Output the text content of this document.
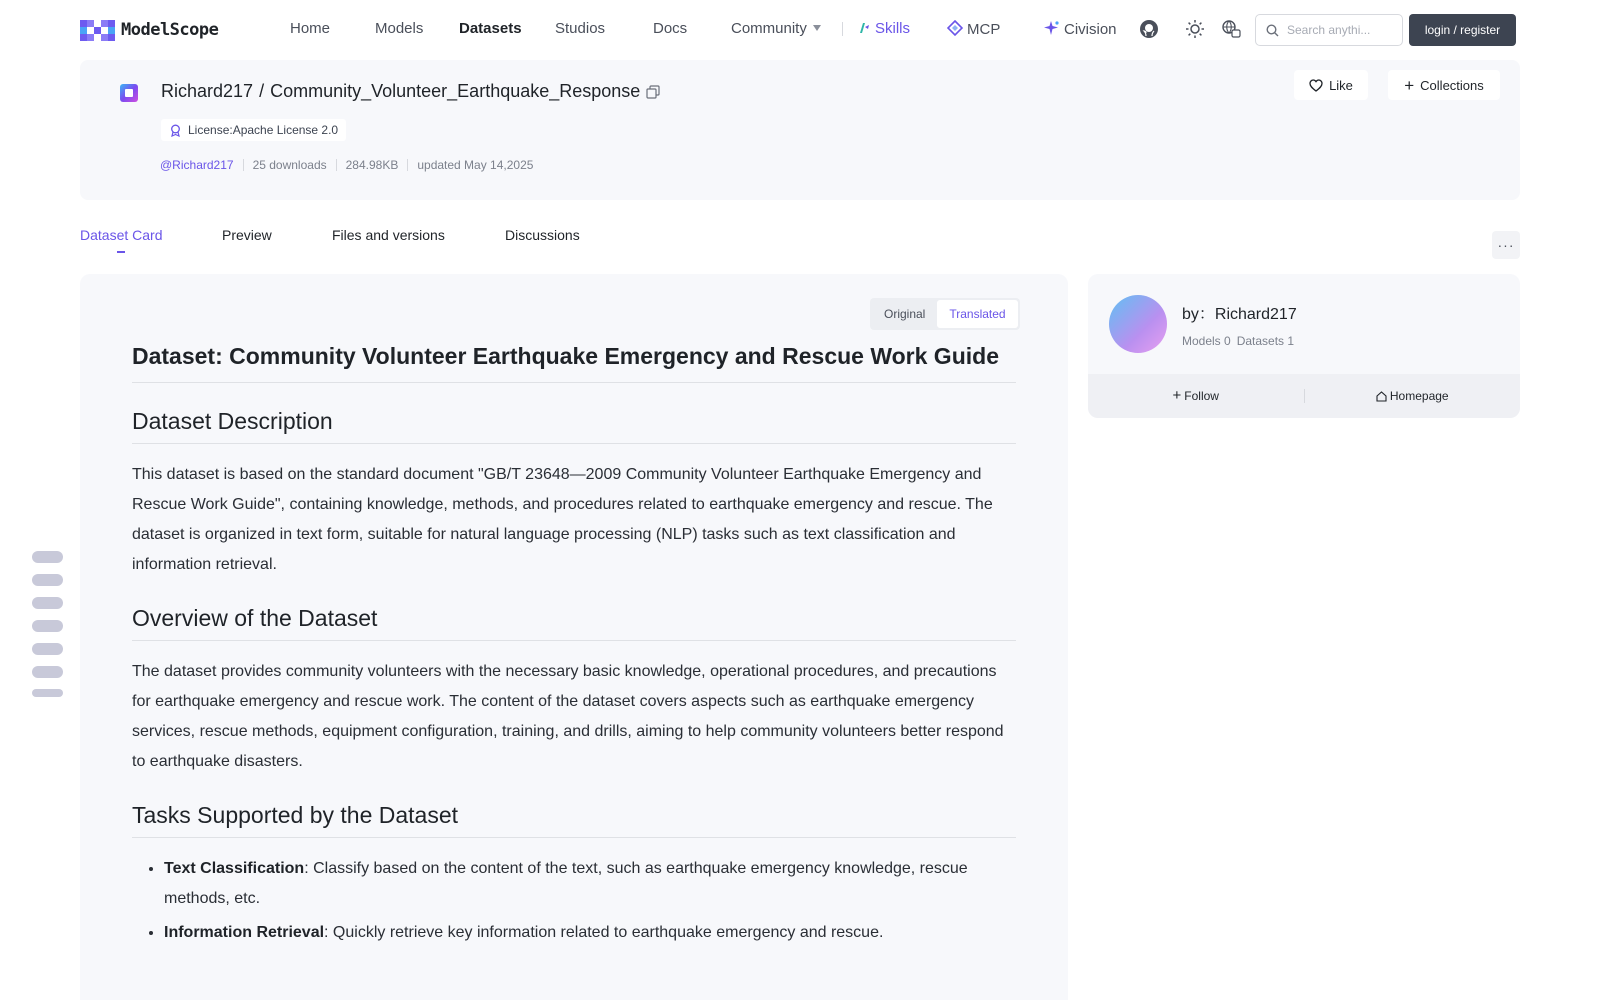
ModelScope	Home	Models Datasets Studios	Docs	Community	Skills	MCP	Civision
Search anythi...	login / register
Richard217 / Community_Volunteer_Earthquake_Response
License:Apache License 2.0
@Richard217 25 downloads 284.98KB updated May 14,2025
Like	+ Collections
Dataset Card	Preview	Files and versions	Discussions
···
Original	Translated
Dataset: Community Volunteer Earthquake Emergency and Rescue Work Guide
Dataset Description

This dataset is based on the standard document "GB/T 23648—2009 Community Volunteer Earthquake Emergency and Rescue Work Guide", containing knowledge, methods, and procedures related to earthquake emergency and rescue. The dataset is organized in text form, suitable for natural language processing (NLP) tasks such as text classification and information retrieval.

Overview of the Dataset

The dataset provides community volunteers with the necessary basic knowledge, operational procedures, and precautions for earthquake emergency and rescue work. The content of the dataset covers aspects such as earthquake emergency services, rescue methods, equipment configuration, training, and drills, aiming to help community volunteers better respond to earthquake disasters.

Tasks Supported by the Dataset
• Text Classification: Classify based on the content of the text, such as earthquake emergency knowledge, rescue methods, etc.
• Information Retrieval: Quickly retrieve key information related to earthquake emergency and rescue.
by：Richard217
Models 0 Datasets 1
+ Follow	Homepage
